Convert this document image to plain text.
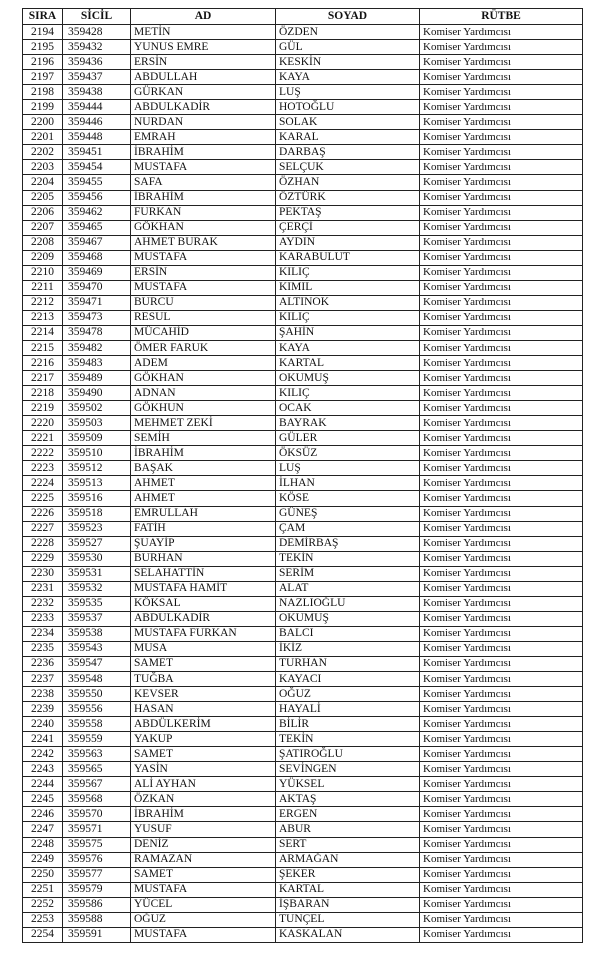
SIRA	SİCİL	AD	SOYAD	RÜTBE
2194	359428	METİN	ÖZDEN	Komiser Yardımcısı
2195	359432	YUNUS EMRE	GÜL	Komiser Yardımcısı
2196	359436	ERSİN	KESKİN	Komiser Yardımcısı
2197	359437	ABDULLAH	KAYA	Komiser Yardımcısı
2198	359438	GÜRKAN	LUŞ	Komiser Yardımcısı
2199	359444	ABDULKADİR	HOTOĞLU	Komiser Yardımcısı
2200	359446	NURDAN	SOLAK	Komiser Yardımcısı
2201	359448	EMRAH	KARAL	Komiser Yardımcısı
2202	359451	İBRAHİM	DARBAŞ	Komiser Yardımcısı
2203	359454	MUSTAFA	SELÇUK	Komiser Yardımcısı
2204	359455	SAFA	ÖZHAN	Komiser Yardımcısı
2205	359456	İBRAHİM	ÖZTÜRK	Komiser Yardımcısı
2206	359462	FURKAN	PEKTAŞ	Komiser Yardımcısı
2207	359465	GÖKHAN	ÇERÇİ	Komiser Yardımcısı
2208	359467	AHMET BURAK	AYDIN	Komiser Yardımcısı
2209	359468	MUSTAFA	KARABULUT	Komiser Yardımcısı
2210	359469	ERSİN	KILIÇ	Komiser Yardımcısı
2211	359470	MUSTAFA	KIMIL	Komiser Yardımcısı
2212	359471	BURCU	ALTINOK	Komiser Yardımcısı
2213	359473	RESUL	KILIÇ	Komiser Yardımcısı
2214	359478	MÜCAHİD	ŞAHİN	Komiser Yardımcısı
2215	359482	ÖMER FARUK	KAYA	Komiser Yardımcısı
2216	359483	ADEM	KARTAL	Komiser Yardımcısı
2217	359489	GÖKHAN	OKUMUŞ	Komiser Yardımcısı
2218	359490	ADNAN	KILIÇ	Komiser Yardımcısı
2219	359502	GÖKHUN	OCAK	Komiser Yardımcısı
2220	359503	MEHMET ZEKİ	BAYRAK	Komiser Yardımcısı
2221	359509	SEMİH	GÜLER	Komiser Yardımcısı
2222	359510	İBRAHİM	ÖKSÜZ	Komiser Yardımcısı
2223	359512	BAŞAK	LUŞ	Komiser Yardımcısı
2224	359513	AHMET	İLHAN	Komiser Yardımcısı
2225	359516	AHMET	KÖSE	Komiser Yardımcısı
2226	359518	EMRULLAH	GÜNEŞ	Komiser Yardımcısı
2227	359523	FATİH	ÇAM	Komiser Yardımcısı
2228	359527	ŞUAYİP	DEMİRBAŞ	Komiser Yardımcısı
2229	359530	BURHAN	TEKİN	Komiser Yardımcısı
2230	359531	SELAHATTİN	SERİM	Komiser Yardımcısı
2231	359532	MUSTAFA HAMİT	ALAT	Komiser Yardımcısı
2232	359535	KÖKSAL	NAZLIOĞLU	Komiser Yardımcısı
2233	359537	ABDULKADİR	OKUMUŞ	Komiser Yardımcısı
2234	359538	MUSTAFA FURKAN	BALCI	Komiser Yardımcısı
2235	359543	MUSA	İKİZ	Komiser Yardımcısı
2236	359547	SAMET	TURHAN	Komiser Yardımcısı
2237	359548	TUĞBA	KAYACI	Komiser Yardımcısı
2238	359550	KEVSER	OĞUZ	Komiser Yardımcısı
2239	359556	HASAN	HAYALİ	Komiser Yardımcısı
2240	359558	ABDÜLKERİM	BİLİR	Komiser Yardımcısı
2241	359559	YAKUP	TEKİN	Komiser Yardımcısı
2242	359563	SAMET	ŞATIROĞLU	Komiser Yardımcısı
2243	359565	YASİN	SEVİNGEN	Komiser Yardımcısı
2244	359567	ALİ AYHAN	YÜKSEL	Komiser Yardımcısı
2245	359568	ÖZKAN	AKTAŞ	Komiser Yardımcısı
2246	359570	İBRAHİM	ERGEN	Komiser Yardımcısı
2247	359571	YUSUF	ABUR	Komiser Yardımcısı
2248	359575	DENİZ	SERT	Komiser Yardımcısı
2249	359576	RAMAZAN	ARMAĞAN	Komiser Yardımcısı
2250	359577	SAMET	ŞEKER	Komiser Yardımcısı
2251	359579	MUSTAFA	KARTAL	Komiser Yardımcısı
2252	359586	YÜCEL	İŞBARAN	Komiser Yardımcısı
2253	359588	OĞUZ	TUNÇEL	Komiser Yardımcısı
2254	359591	MUSTAFA	KASKALAN	Komiser Yardımcısı
